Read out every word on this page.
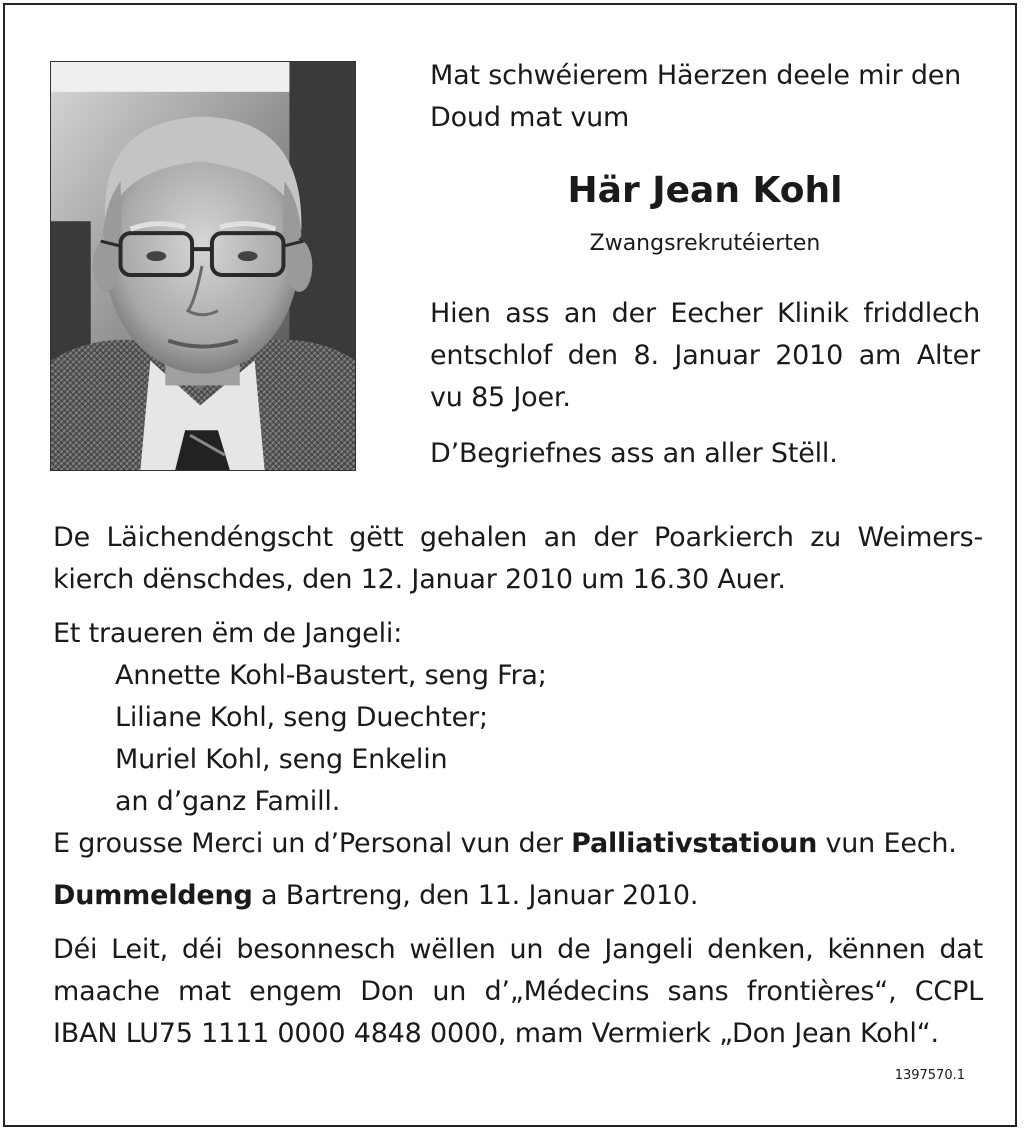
Mat schwéierem Häerzen deele mir den
Doud mat vum
Här Jean Kohl
Zwangsrekrutéierten
Hien ass an der Eecher Klinik friddlech
entschlof den 8. Januar 2010 am Alter
vu 85 Joer.
D’Begriefnes ass an aller Stëll.
De Läichendéngscht gëtt gehalen an der Poarkierch zu Weimers-
kierch dënschdes, den 12. Januar 2010 um 16.30 Auer.
Et traueren ëm de Jangeli:
Annette Kohl-Baustert, seng Fra;
Liliane Kohl, seng Duechter;
Muriel Kohl, seng Enkelin
an d’ganz Famill.
E grousse Merci un d’Personal vun der Palliativstatioun vun Eech.
Dummeldeng a Bartreng, den 11. Januar 2010.
Déi Leit, déi besonnesch wëllen un de Jangeli denken, kënnen dat
maache mat engem Don un d’„Médecins sans frontières“, CCPL
IBAN LU75 1111 0000 4848 0000, mam Vermierk „Don Jean Kohl“.
1397570.1
